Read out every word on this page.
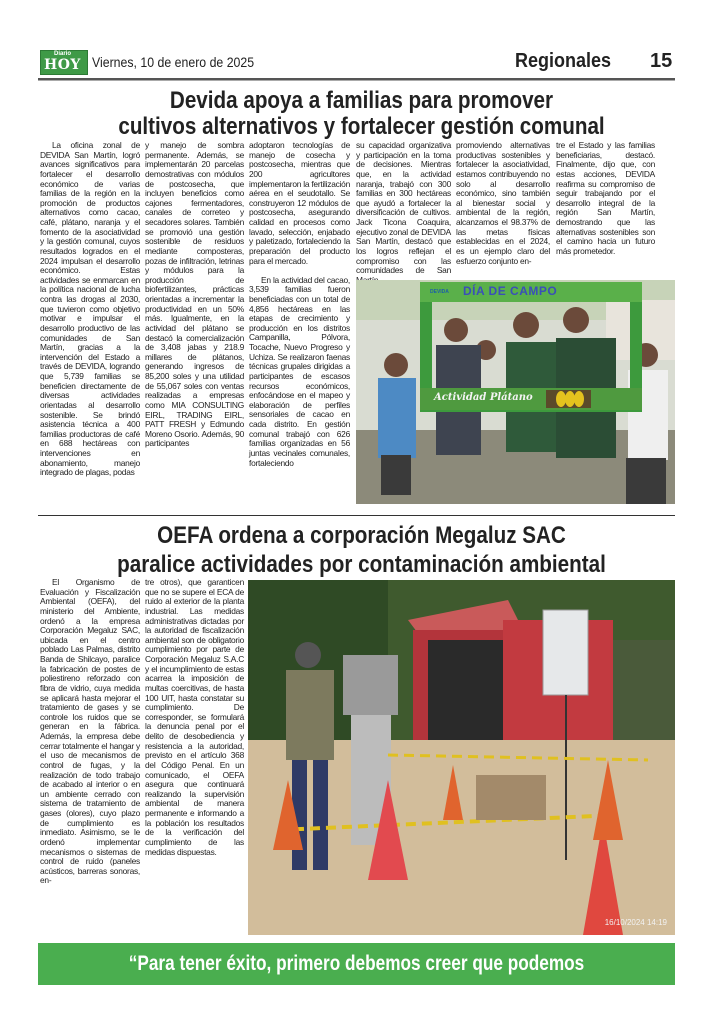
Diario
HOY Viernes, 10 de enero de 2025	Regionales 15
Devida apoya a familias para promover
cultivos alternativos y fortalecer gestión comunal

La oficina zonal de DEVIDA San Martín, logró avances significativos para fortalecer el desarrollo económico de varias familias de la región en la promoción de productos alternativos como cacao, café, plátano, naranja y el fomento de la asociatividad y la gestión comunal, cuyos resultados logrados en el 2024 impulsan el desarrollo económico. Estas actividades se enmarcan en la política nacional de lucha contra las drogas al 2030, que tuvieron como objetivo motivar e impulsar el desarrollo productivo de las comunidades de San Martín, gracias a la intervención del Estado a través de DEVIDA, logrando que 5,739 familias se beneficien directamente de diversas actividades orientadas al desarrollo sostenible. Se brindó asistencia técnica a 400 familias productoras de café en 688 hectáreas con intervenciones en abonamiento, manejo integrado de plagas, podas

y manejo de sombra permanente. Además, se implementarán 20 parcelas demostrativas con módulos de postcosecha, que incluyen beneficios como cajones fermentadores, canales de correteo y secadores solares. También se promovió una gestión sostenible de residuos mediante composteras, pozas de infiltración, letrinas y módulos para la producción de biofertilizantes, prácticas orientadas a incrementar la productividad en un 50% más. Igualmente, en la actividad del plátano se destacó la comercialización de 3,408 jabas y 218.9 millares de plátanos, generando ingresos de 85,200 soles y una utilidad de 55,067 soles con ventas realizadas a empresas como MIA CONSULTING EIRL, TRADING EIRL, PATT FRESH y Edmundo Moreno Osorio. Además, 90 participantes

adoptaron tecnologías de manejo de cosecha y postcosecha, mientras que 200 agricultores implementaron la fertilización aérea en el seudotallo. Se construyeron 12 módulos de postcosecha, asegurando calidad en procesos como lavado, selección, enjabado y paletizado, fortaleciendo la preparación del producto para el mercado.

En la actividad del cacao, 3,539 familias fueron beneficiadas con un total de 4,856 hectáreas en las etapas de crecimiento y producción en los distritos Campanilla, Pólvora, Tocache, Nuevo Progreso y Uchiza. Se realizaron faenas técnicas grupales dirigidas a participantes de escasos recursos económicos, enfocándose en el mapeo y elaboración de perfiles sensoriales de cacao en cada distrito. En gestión comunal trabajó con 626 familias organizadas en 56 juntas vecinales comunales, fortaleciendo

su capacidad organizativa y participación en la toma de decisiones. Mientras que, en la actividad naranja, trabajó con 300 familias en 300 hectáreas que ayudó a fortalecer la diversificación de cultivos. Jack Ticona Coaquira, ejecutivo zonal de DEVIDA San Martín, destacó que los logros reflejan el compromiso con las comunidades de San

promoviendo alternativas productivas sostenibles y fortalecer la asociatividad, estamos contribuyendo no solo al desarrollo económico, sino también al bienestar social y ambiental de la región, alcanzamos el 98.37% de las metas físicas establecidas en el 2024, es un ejemplo claro del esfuerzo conjunto en-

tre el Estado y las familias beneficiarias, destacó. Finalmente, dijo que, con estas acciones, DEVIDA reafirma su compromiso de seguir trabajando por el desarrollo integral de la región San Martín, demostrando que las alternativas sostenibles son el camino hacia un futuro más prometedor.

DÍA DE CAMPO
DEVIDA
Actividad Plátano
OEFA ordena a corporación Megaluz SAC
paralice actividades por contaminación ambiental

El Organismo de Evaluación y Fiscalización Ambiental (OEFA), del ministerio del Ambiente, ordenó a la empresa Corporación Megaluz SAC, ubicada en el centro poblado Las Palmas, distrito Banda de Shilcayo, paralice la fabricación de postes de poliestireno reforzado con fibra de vidrio, cuya medida se aplicará hasta mejorar el tratamiento de gases y se controle los ruidos que se generan en la fábrica. Además, la empresa debe cerrar totalmente el hangar y el uso de mecanismos de control de fugas, y la realización de todo trabajo de acabado al interior o en un ambiente cerrado con sistema de tratamiento de gases (olores), cuyo plazo de cumplimiento es inmediato. Asimismo, se le ordenó implementar mecanismos o sistemas de control de ruido (paneles acústicos, barreras sonoras, en-

tre otros), que garanticen que no se supere el ECA de ruido al exterior de la planta industrial. Las medidas administrativas dictadas por la autoridad de fiscalización ambiental son de obligatorio cumplimiento por parte de Corporación Megaluz S.A.C y el incumplimiento de estas acarrea la imposición de multas coercitivas, de hasta 100 UIT, hasta constatar su cumplimiento. De corresponder, se formulará la denuncia penal por el delito de desobediencia y resistencia a la autoridad, previsto en el artículo 368 del Código Penal. En un comunicado, el OEFA asegura que continuará realizando la supervisión ambiental de manera permanente e informando a la población los resultados de la verificación del cumplimiento de las medidas dispuestas.

16/10/2024 14:19
“Para tener éxito, primero debemos creer que podemos tenerlo”
